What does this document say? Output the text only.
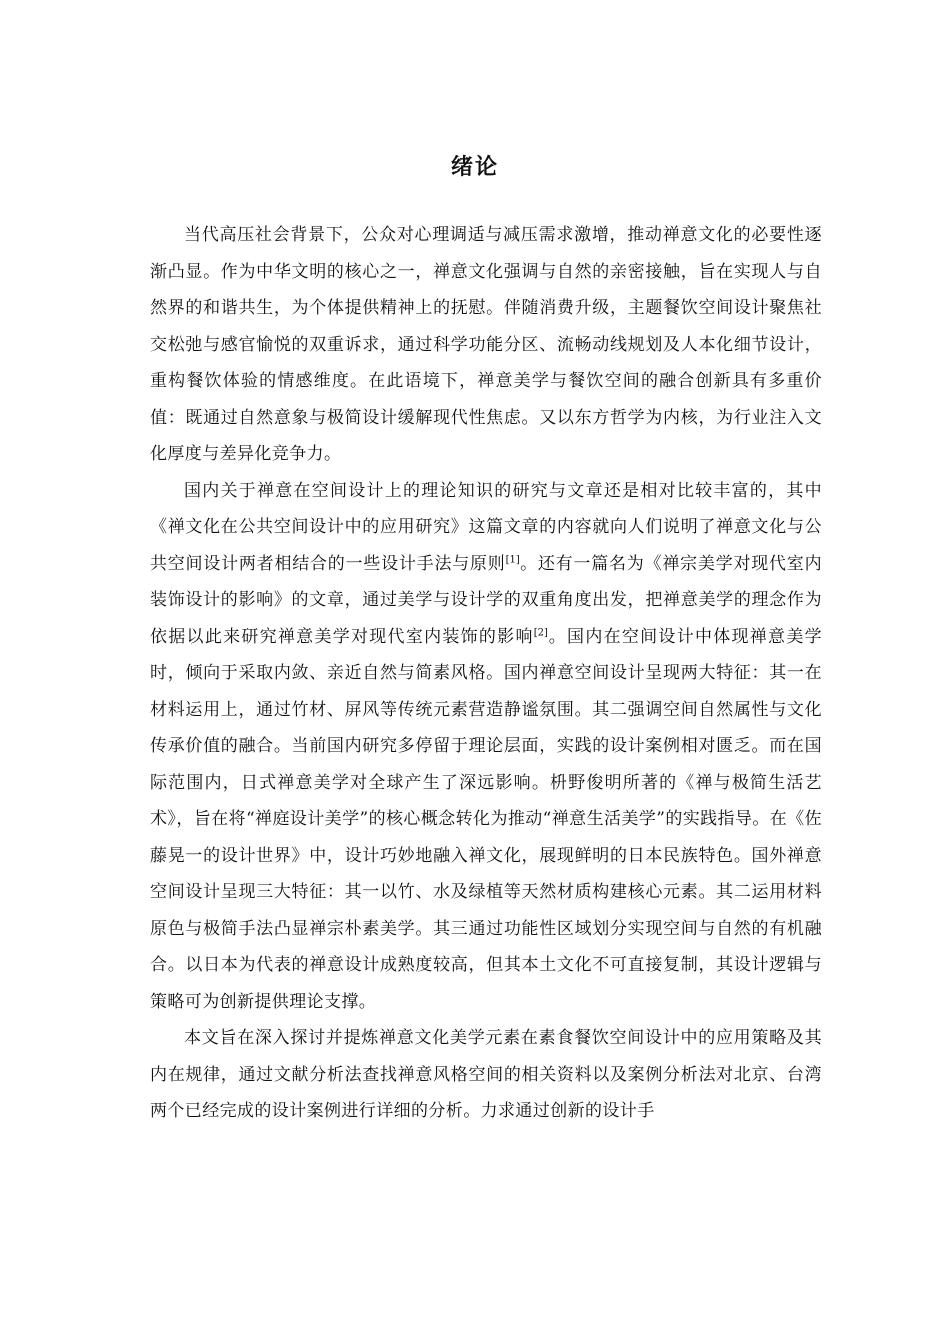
绪论

当代高压社会背景下，公众对心理调适与减压需求激增，推动禅意文化的必要性逐渐凸显。作为中华文明的核心之一，禅意文化强调与自然的亲密接触，旨在实现人与自然界的和谐共生，为个体提供精神上的抚慰。伴随消费升级，主题餐饮空间设计聚焦社交松弛与感官愉悦的双重诉求，通过科学功能分区、流畅动线规划及人本化细节设计，重构餐饮体验的情感维度。在此语境下，禅意美学与餐饮空间的融合创新具有多重价值：既通过自然意象与极简设计缓解现代性焦虑。又以东方哲学为内核，为行业注入文化厚度与差异化竞争力。

国内关于禅意在空间设计上的理论知识的研究与文章还是相对比较丰富的，其中《禅文化在公共空间设计中的应用研究》这篇文章的内容就向人们说明了禅意文化与公共空间设计两者相结合的一些设计手法与原则[1]。还有一篇名为《禅宗美学对现代室内装饰设计的影响》的文章，通过美学与设计学的双重角度出发，把禅意美学的理念作为依据以此来研究禅意美学对现代室内装饰的影响[2]。国内在空间设计中体现禅意美学时，倾向于采取内敛、亲近自然与简素风格。国内禅意空间设计呈现两大特征：其一在材料运用上，通过竹材、屏风等传统元素营造静谧氛围。其二强调空间自然属性与文化传承价值的融合。当前国内研究多停留于理论层面，实践的设计案例相对匮乏。而在国际范围内，日式禅意美学对全球产生了深远影响。枡野俊明所著的《禅与极简生活艺术》，旨在将“禅庭设计美学”的核心概念转化为推动“禅意生活美学”的实践指导。在《佐藤晃一的设计世界》中，设计巧妙地融入禅文化，展现鲜明的日本民族特色。国外禅意空间设计呈现三大特征：其一以竹、水及绿植等天然材质构建核心元素。其二运用材料原色与极简手法凸显禅宗朴素美学。其三通过功能性区域划分实现空间与自然的有机融合。以日本为代表的禅意设计成熟度较高，但其本土文化不可直接复制，其设计逻辑与策略可为创新提供理论支撑。

本文旨在深入探讨并提炼禅意文化美学元素在素食餐饮空间设计中的应用策略及其内在规律，通过文献分析法查找禅意风格空间的相关资料以及案例分析法对北京、台湾两个已经完成的设计案例进行详细的分析。力求通过创新的设计手
